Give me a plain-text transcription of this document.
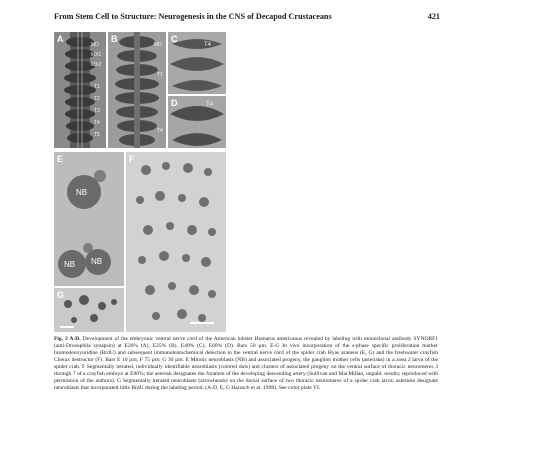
From Stem Cell to Structure: Neurogenesis in the CNS of Decapod Crustaceans	421
A
MD
MX1
MX2
T1
T2
T3
T4
T5
B
MD
T1
T4
C
T4
D	T4
E
NB
NB NB
F
G
Fig. 3 A-D. Development of the embryonic ventral nerve cord of the American lobster Homarus americanus revealed by labeling with monoclonal antibody SYNORF1 (anti-Drosophila synapsin) at E20% (A), E25% (B), E40% (C), E60% (D). Bars 50 µm. E-G In vivo incorporation of the s-phase specific proliferation marker bromodeoxyuridine (BrdU) and subsequent immunohistochemical detection in the ventral nerve cord of the spider crab Hyas araneus (E, G) and the freshwater crayfish Cherax destructor (F). Bars E 10 µm; F 75 µm; G 30 µm. E Mitotic neuroblasts (NB) and associated progeny, the ganglion mother cells (asterisks) in a zoea 2 larva of the spider crab. F Segmentally iterated, individually identifiable neuroblasts (colored dots) and clusters of associated progeny on the ventral surface of thoracic neuromeres 3 through 7 of a crayfish embryo at E90%; the asterisk designates the foramen of the developing descending artery (Sullivan and MacMillan, unpubl. results; reproduced with permission of the authors). G Segmentally iterated neuroblasts (arrowheads) on the dorsal surface of two thoracic neuromeres of a spider crab larva; asterisks designate neuroblasts that incorporated little BrdU during the labeling period. (A-D, E, G Harzsch et al. 1998). See color plate VI.
